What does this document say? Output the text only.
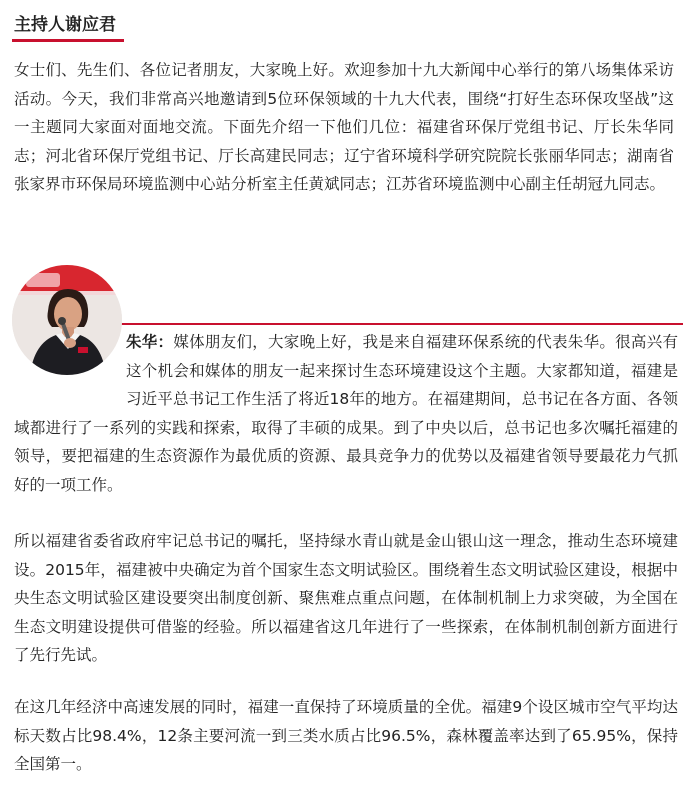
主持人谢应君
女士们、先生们、各位记者朋友，大家晚上好。欢迎参加十九大新闻中心举行的第八场集体采访活动。今天，我们非常高兴地邀请到5位环保领域的十九大代表，围绕“打好生态环保攻坚战”这一主题同大家面对面地交流。下面先介绍一下他们几位：福建省环保厅党组书记、厅长朱华同志；河北省环保厅党组书记、厅长高建民同志；辽宁省环境科学研究院院长张丽华同志；湖南省张家界市环保局环境监测中心站分析室主任黄斌同志；江苏省环境监测中心副主任胡冠九同志。
朱华：媒体朋友们，大家晚上好，我是来自福建环保系统的代表朱华。很高兴有这个机会和媒体的朋友一起来探讨生态环境建设这个主题。大家都知道，福建是习近平总书记工作生活了将近18年的地方。在福建期间，总书记在各方面、各领域都进行了一系列的实践和探索，取得了丰硕的成果。到了中央以后，总书记也多次嘱托福建的领导，要把福建的生态资源作为最优质的资源、最具竞争力的优势以及福建省领导要最花力气抓好的一项工作。
所以福建省委省政府牢记总书记的嘱托，坚持绿水青山就是金山银山这一理念，推动生态环境建设。2015年，福建被中央确定为首个国家生态文明试验区。围绕着生态文明试验区建设，根据中央生态文明试验区建设要突出制度创新、聚焦难点重点问题，在体制机制上力求突破，为全国在生态文明建设提供可借鉴的经验。所以福建省这几年进行了一些探索，在体制机制创新方面进行了先行先试。
在这几年经济中高速发展的同时，福建一直保持了环境质量的全优。福建9个设区城市空气平均达标天数占比98.4%，12条主要河流一到三类水质占比96.5%，森林覆盖率达到了65.95%，保持全国第一。
